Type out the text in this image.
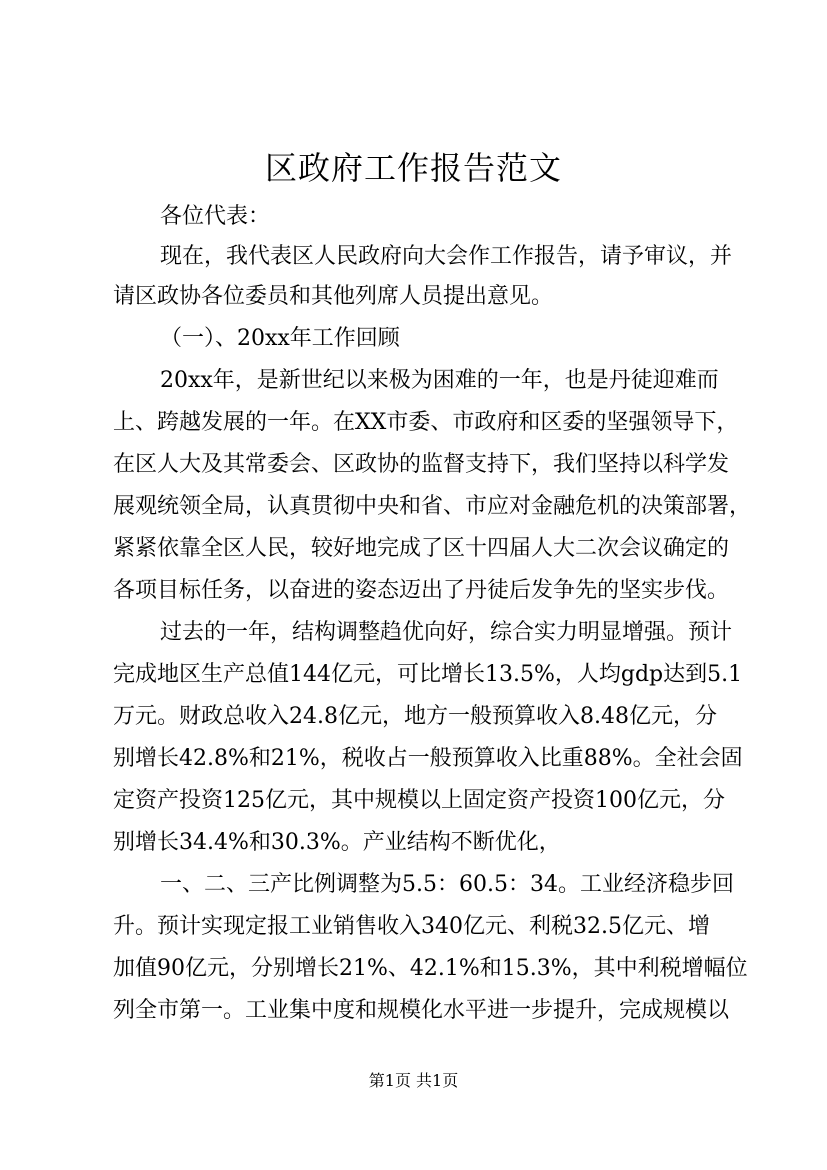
区政府工作报告范文
各位代表：
现在，我代表区人民政府向大会作工作报告，请予审议，并
请区政协各位委员和其他列席人员提出意见。
（一）、20xx年工作回顾
20xx年，是新世纪以来极为困难的一年，也是丹徒迎难而
上、跨越发展的一年。在XX市委、市政府和区委的坚强领导下，
在区人大及其常委会、区政协的监督支持下，我们坚持以科学发
展观统领全局，认真贯彻中央和省、市应对金融危机的决策部署，
紧紧依靠全区人民，较好地完成了区十四届人大二次会议确定的
各项目标任务，以奋进的姿态迈出了丹徒后发争先的坚实步伐。
过去的一年，结构调整趋优向好，综合实力明显增强。预计
完成地区生产总值144亿元，可比增长13.5%，人均gdp达到5.1
万元。财政总收入24.8亿元，地方一般预算收入8.48亿元，分
别增长42.8%和21%，税收占一般预算收入比重88%。全社会固
定资产投资125亿元，其中规模以上固定资产投资100亿元，分
别增长34.4%和30.3%。产业结构不断优化，
一、二、三产比例调整为5.5：60.5：34。工业经济稳步回
升。预计实现定报工业销售收入340亿元、利税32.5亿元、增
加值90亿元，分别增长21%、42.1%和15.3%，其中利税增幅位
列全市第一。工业集中度和规模化水平进一步提升，完成规模以
第1页 共1页
